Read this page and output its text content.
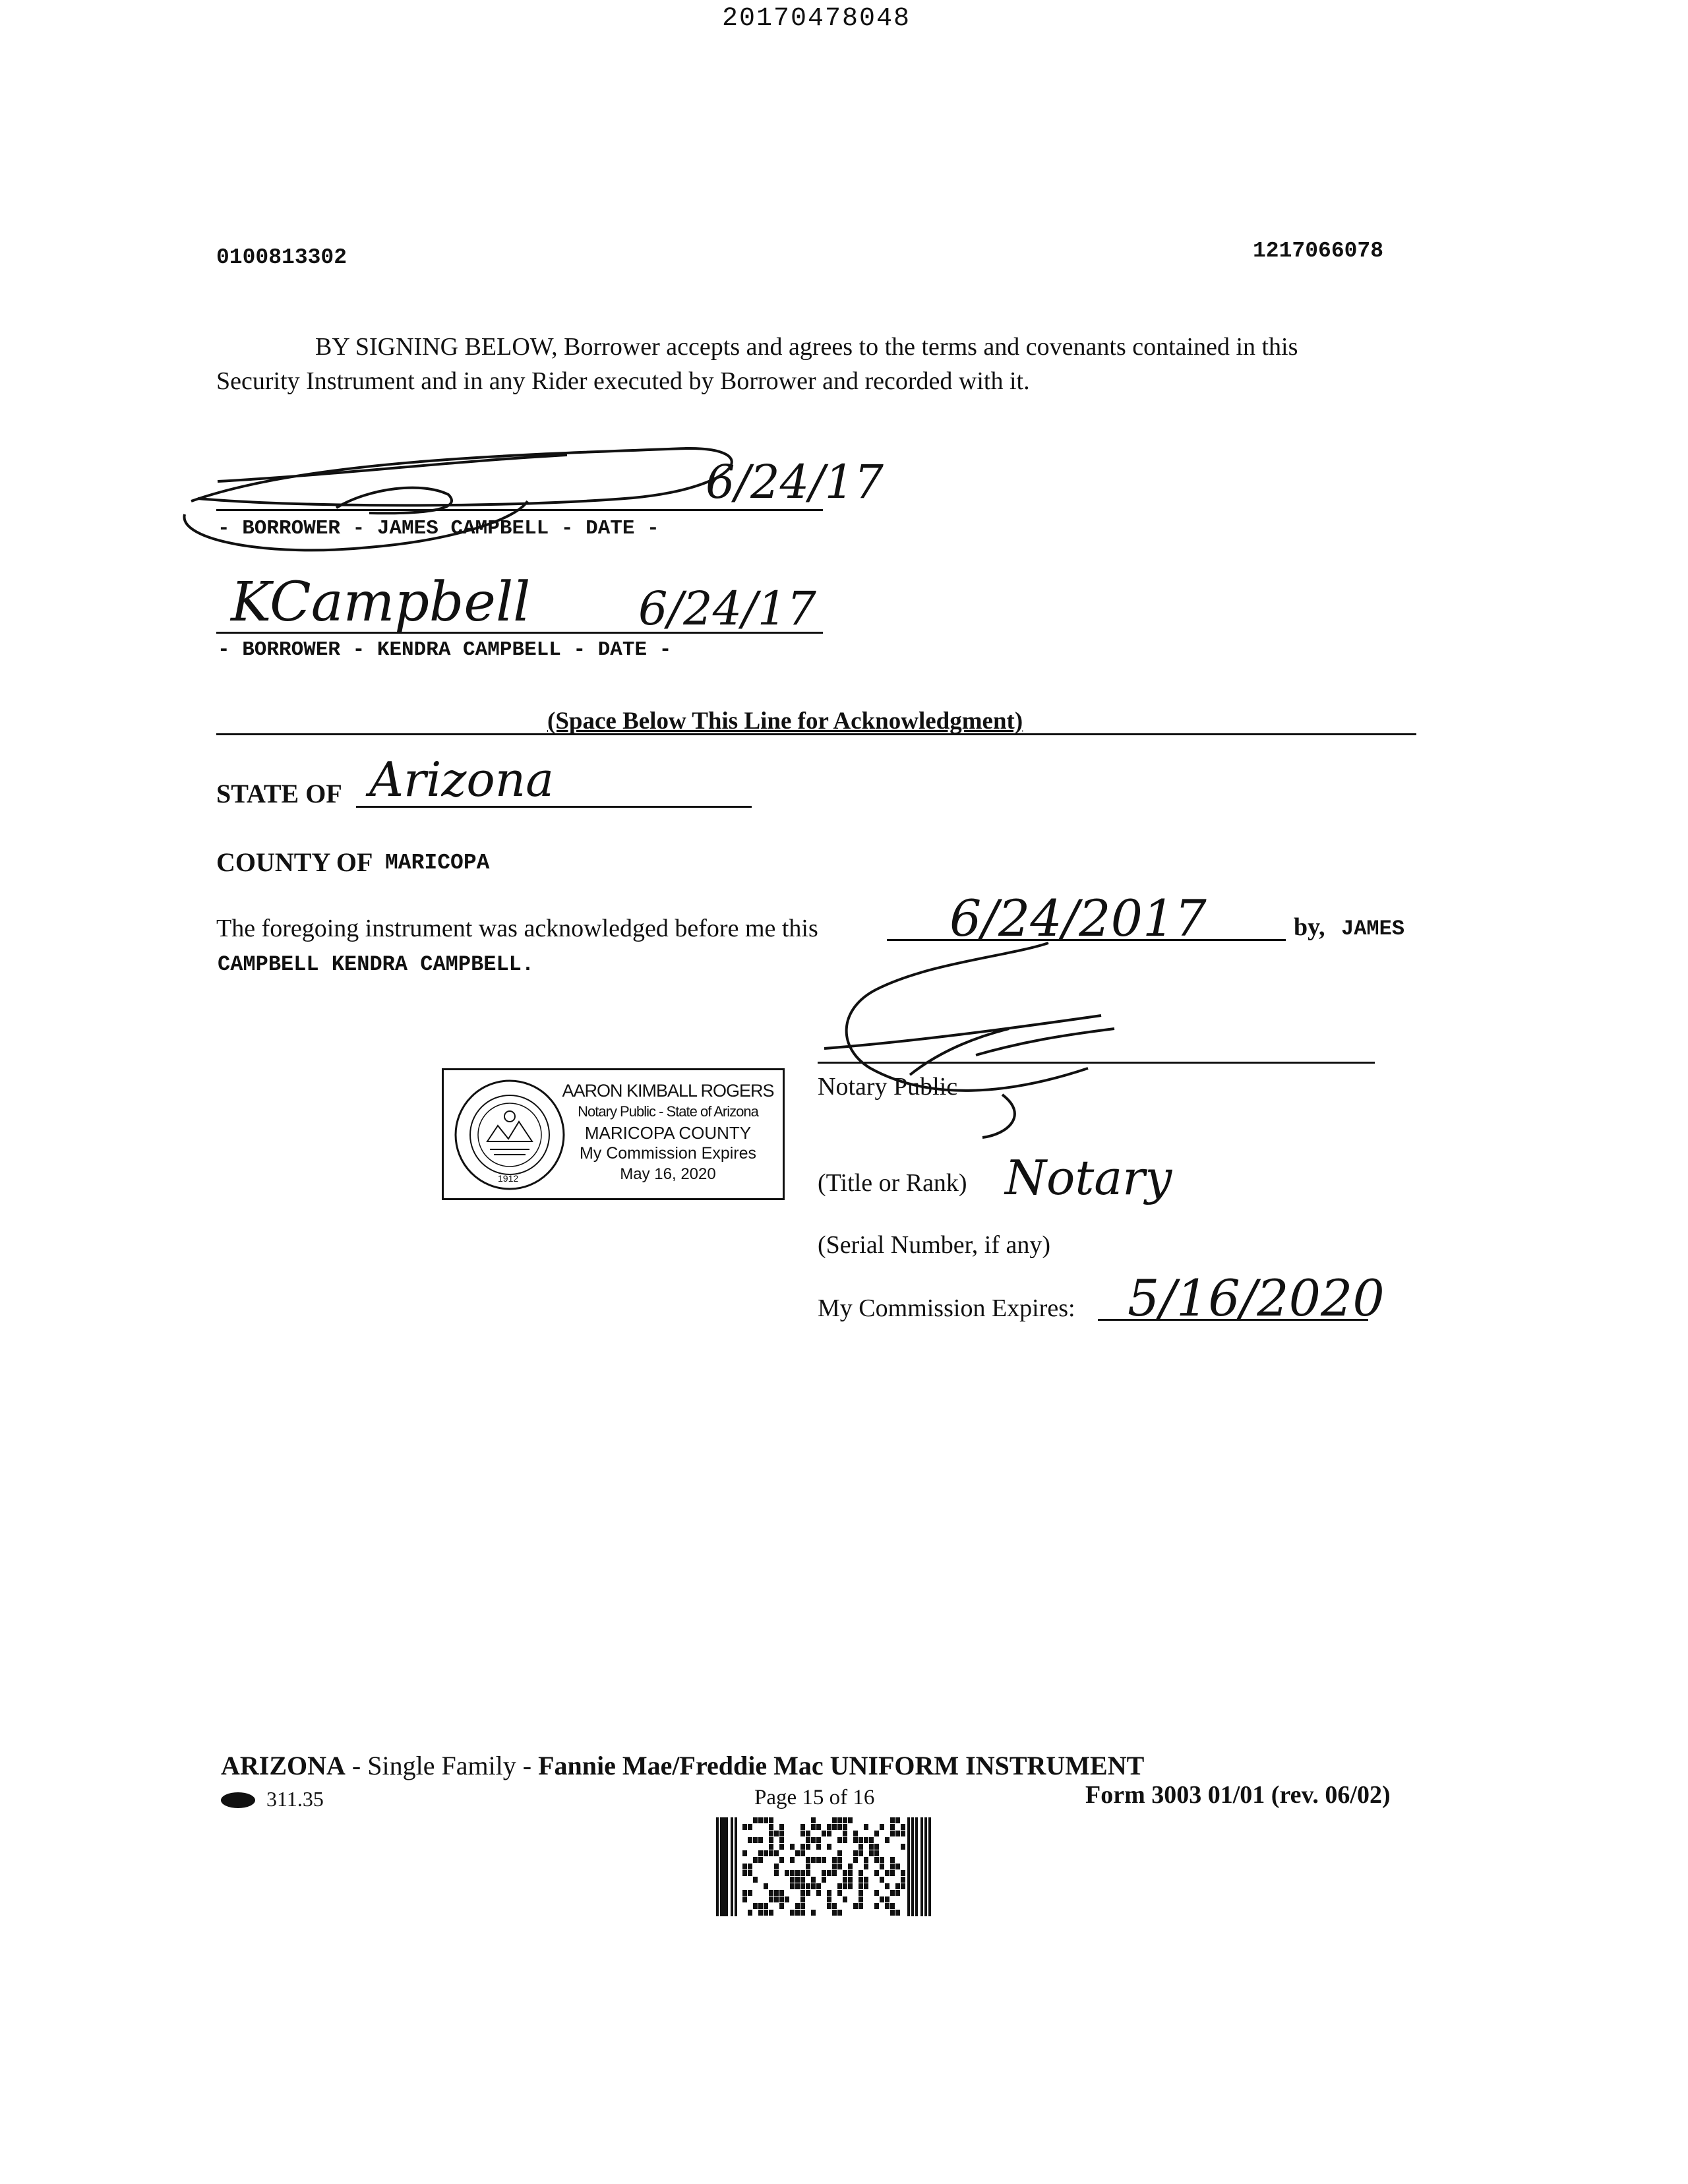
20170478048
0100813302	1217066078
BY SIGNING BELOW, Borrower accepts and agrees to the terms and covenants contained in this
Security Instrument and in any Rider executed by Borrower and recorded with it.
6/24/17
- BORROWER - JAMES CAMPBELL - DATE -
KCampbell 6/24/17
- BORROWER - KENDRA CAMPBELL - DATE -
(Space Below This Line for Acknowledgment)
STATE OF Arizona
COUNTY OF MARICOPA
The foregoing instrument was acknowledged before me this	6/24/2017	by, JAMES
CAMPBELL KENDRA CAMPBELL.
Notary Public
1912
AARON KIMBALL ROGERS
Notary Public - State of Arizona
MARICOPA COUNTY
My Commission Expires
May 16, 2020	(Title or Rank) Notary
(Serial Number, if any)
My Commission Expires: 5/16/2020
ARIZONA - Single Family - Fannie Mae/Freddie Mac UNIFORM INSTRUMENT
311.35	Page 15 of 16	Form 3003 01/01 (rev. 06/02)
